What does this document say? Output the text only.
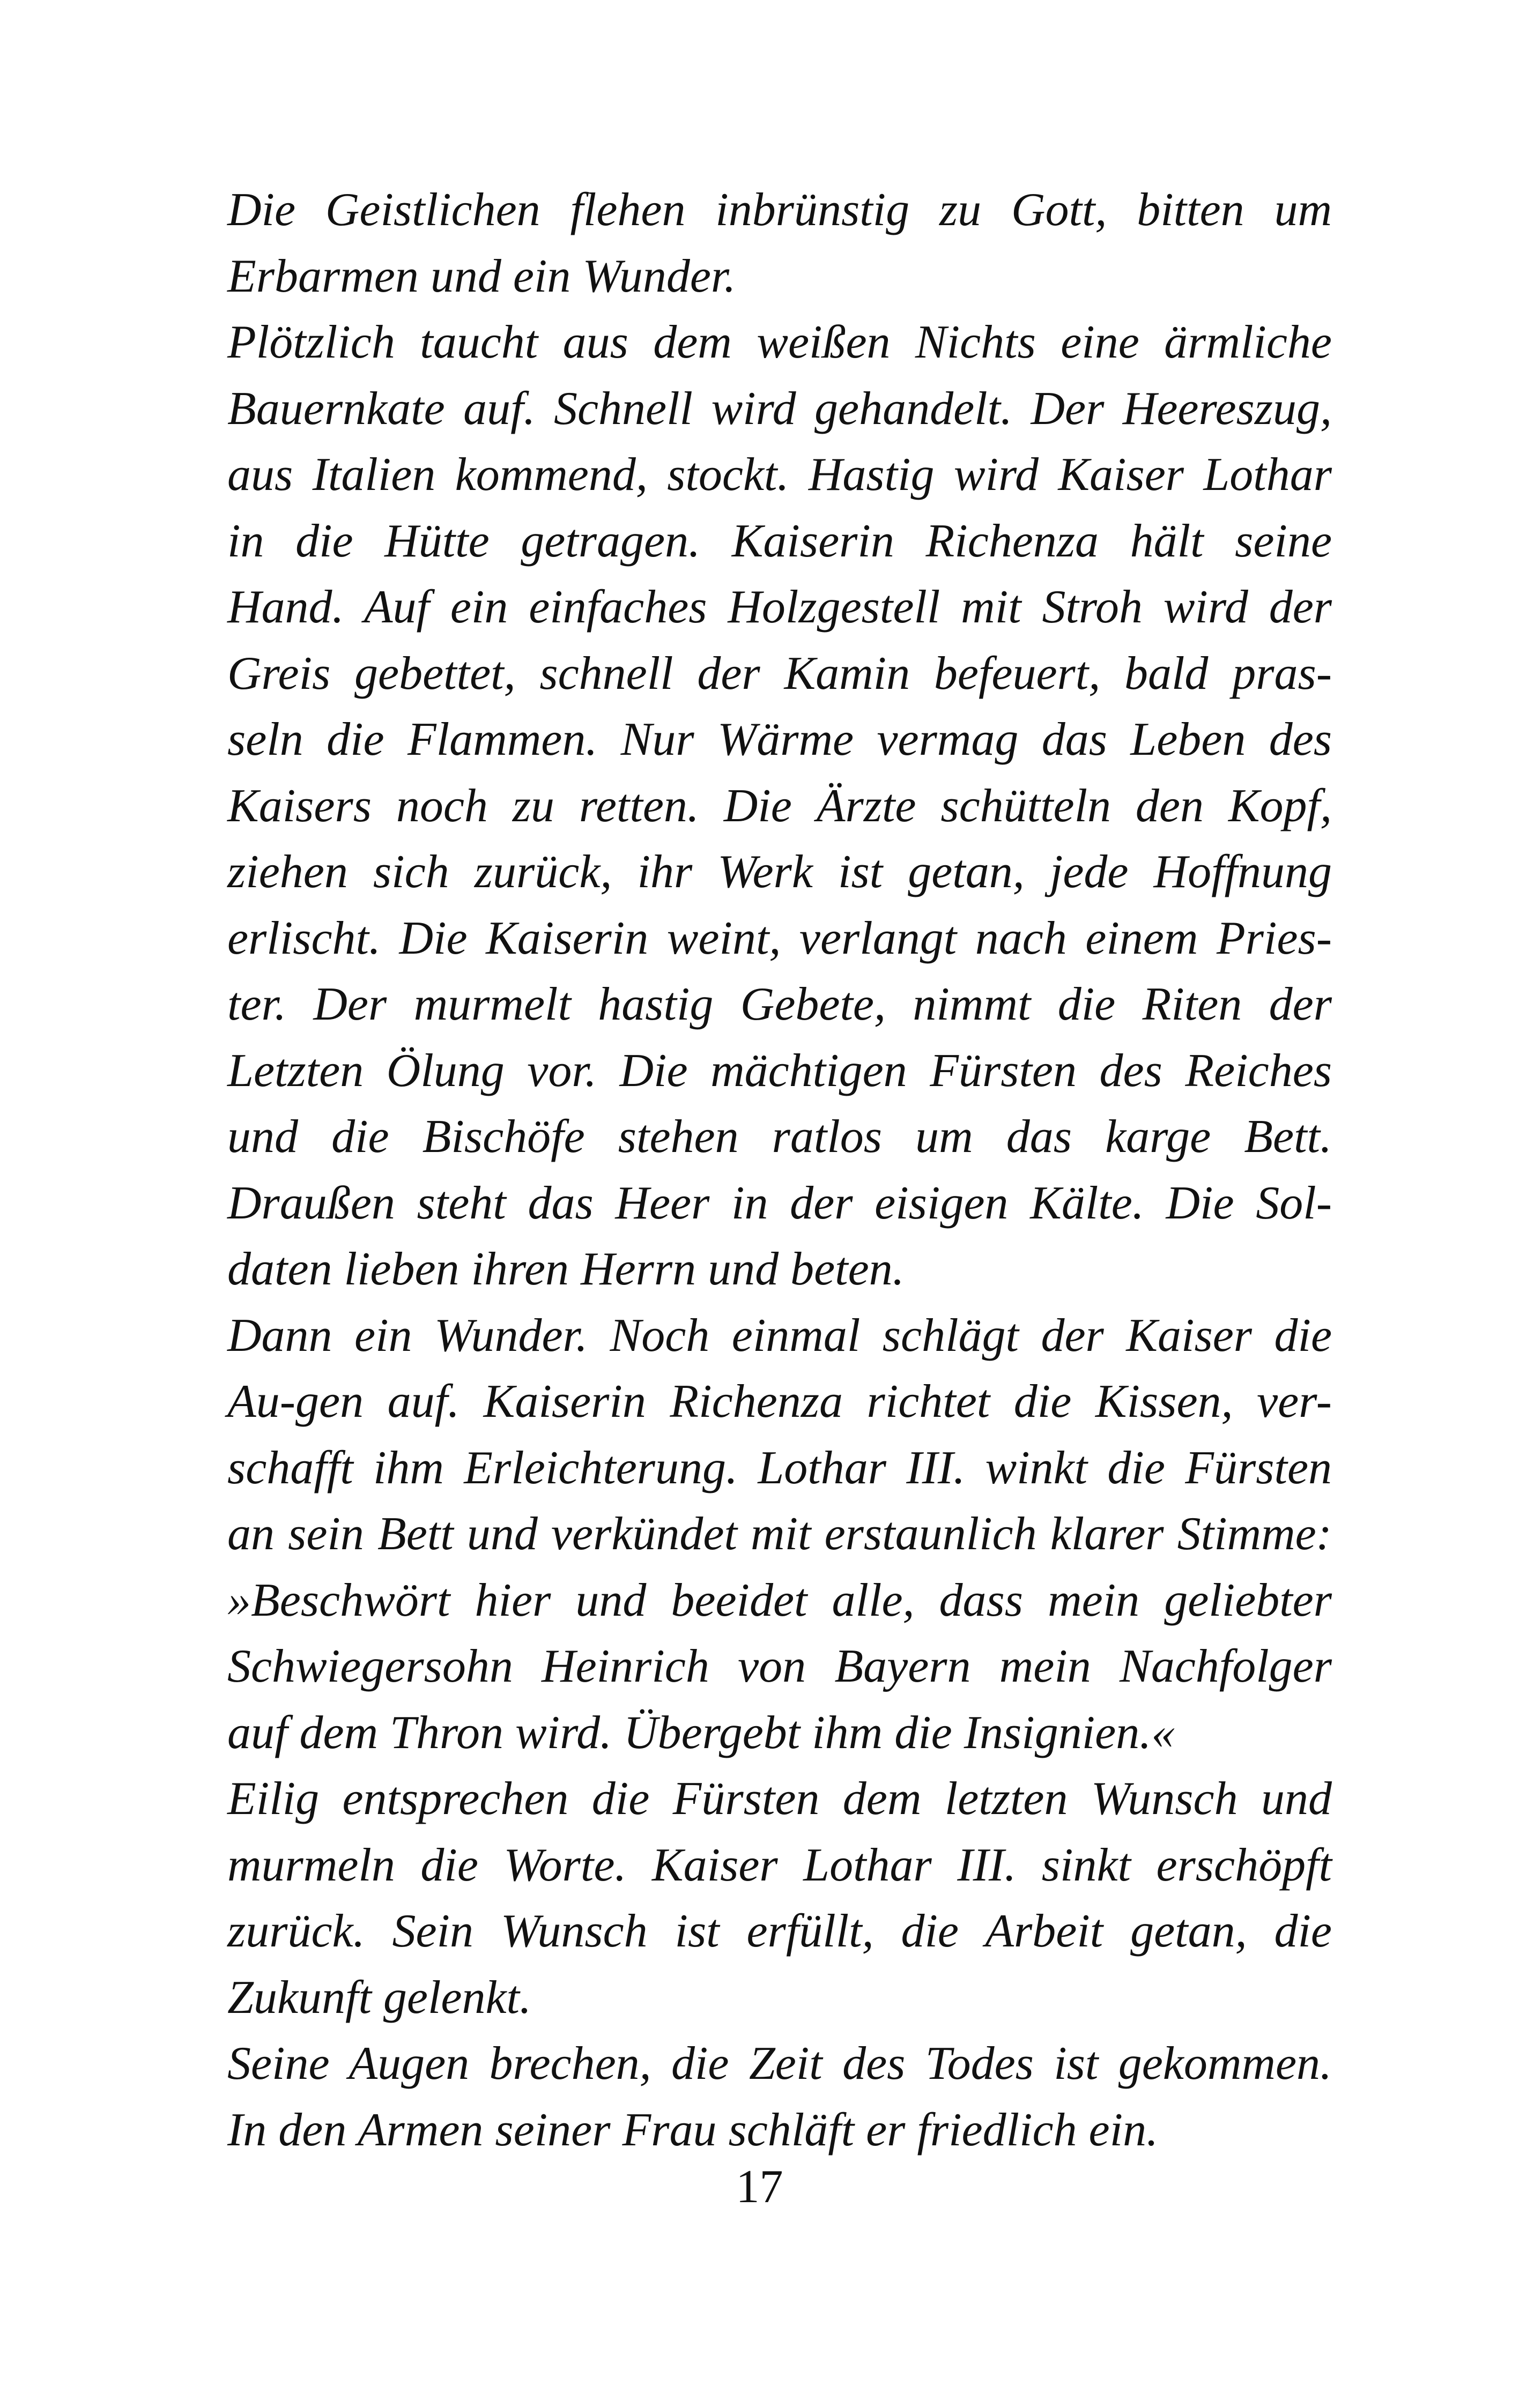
Die Geistlichen flehen inbrünstig zu Gott, bitten um
Erbarmen und ein Wunder.
Plötzlich taucht aus dem weißen Nichts eine ärmliche
Bauernkate auf. Schnell wird gehandelt. Der Heereszug,
aus Italien kommend, stockt. Hastig wird Kaiser Lothar
in die Hütte getragen. Kaiserin Richenza hält seine
Hand. Auf ein einfaches Holzgestell mit Stroh wird der
Greis gebettet, schnell der Kamin befeuert, bald pras-
seln die Flammen. Nur Wärme vermag das Leben des
Kaisers noch zu retten. Die Ärzte schütteln den Kopf,
ziehen sich zurück, ihr Werk ist getan, jede Hoffnung
erlischt. Die Kaiserin weint, verlangt nach einem Pries-
ter. Der murmelt hastig Gebete, nimmt die Riten der
Letzten Ölung vor. Die mächtigen Fürsten des Reiches
und die Bischöfe stehen ratlos um das karge Bett.
Draußen steht das Heer in der eisigen Kälte. Die Sol-
daten lieben ihren Herrn und beten.
Dann ein Wunder. Noch einmal schlägt der Kaiser die
Au-gen auf. Kaiserin Richenza richtet die Kissen, ver-
schafft ihm Erleichterung. Lothar III. winkt die Fürsten
an sein Bett und verkündet mit erstaunlich klarer Stimme:
»Beschwört hier und beeidet alle, dass mein geliebter
Schwiegersohn Heinrich von Bayern mein Nachfolger
auf dem Thron wird. Übergebt ihm die Insignien.«
Eilig entsprechen die Fürsten dem letzten Wunsch und
murmeln die Worte. Kaiser Lothar III. sinkt erschöpft
zurück. Sein Wunsch ist erfüllt, die Arbeit getan, die
Zukunft gelenkt.
Seine Augen brechen, die Zeit des Todes ist gekommen.
In den Armen seiner Frau schläft er friedlich ein.
17
